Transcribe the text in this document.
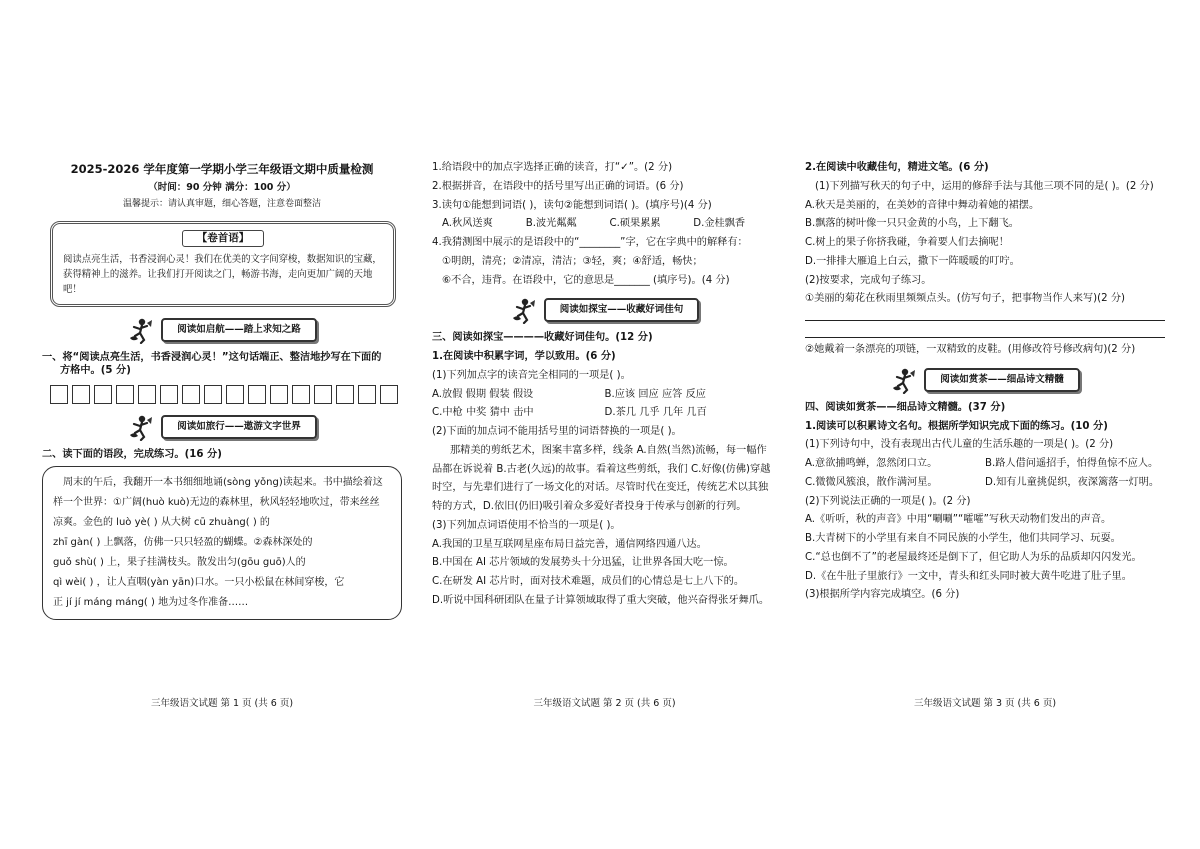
2025-2026 学年度第一学期小学三年级语文期中质量检测
（时间：90 分钟 满分：100 分）
温馨提示：请认真审题，细心答题，注意卷面整洁
【卷首语】

阅读点亮生活，书香浸润心灵！我们在优美的文字间穿梭，数据知识的宝藏，获得精神上的滋养。让我们打开阅读之门，畅游书海，走向更加广阔的天地吧！

阅读如启航——踏上求知之路

一、将“阅读点亮生活，书香浸润心灵！”这句话端正、整洁地抄写在下面的

方格中。(5 分)

阅读如旅行——遨游文字世界

二、读下面的语段，完成练习。(16 分)

周末的午后，我翻开一本书细细地诵(sòng yǒng)读起来。书中描绘着这

样一个世界：①广阔(huò kuò)无边的森林里，秋风轻轻地吹过，带来丝丝

凉爽。金色的 luò yè( ) 从大树 cū zhuàng( ) 的

zhī gàn( ) 上飘落，仿佛一只只轻盈的蝴蝶。②森林深处的

guǒ shù( ) 上，果子挂满枝头。散发出匀(gōu guō)人的

qì wèi( ) ，让人直咽(yàn yān)口水。一只小松鼠在林间穿梭，它

正 jí jí máng máng( ) 地为过冬作准备……

三年级语文试题 第 1 页 (共 6 页)

1.给语段中的加点字选择正确的读音，打“✓”。(2 分)

2.根据拼音，在语段中的括号里写出正确的词语。(6 分)

3.读句①能想到词语( )，读句②能想到词语( )。(填序号)(4 分)

A.秋风送爽	B.波光粼粼	C.硕果累累	D.金桂飘香

4.我猜测图中展示的是语段中的“________”字，它在字典中的解释有：

①明朗，清亮；②清凉，清洁；③轻，爽；④舒适，畅快；

⑥不合，违背。在语段中，它的意思是_______ (填序号)。(4 分)

阅读如探宝——收藏好词佳句

三、阅读如探宝————收藏好词佳句。(12 分)

1.在阅读中积累字词，学以致用。(6 分)

(1)下列加点字的读音完全相同的一项是( )。

A.放假 假期 假装 假设	B.应该 回应 应答 反应
C.中枪 中奖 猜中 击中	D.茶几 几乎 几年 几百

(2)下面的加点词不能用括号里的词语替换的一项是( )。

那精美的剪纸艺术，图案丰富多样，线条 A.自然(当然)流畅，每一幅作

品都在诉说着 B.古老(久远)的故事。看着这些剪纸，我们 C.好像(仿佛)穿越

时空，与先辈们进行了一场文化的对话。尽管时代在变迁，传统艺术以其独

特的方式，D.依旧(仍旧)吸引着众多爱好者投身于传承与创新的行列。

(3)下列加点词语使用不恰当的一项是( )。

A.我国的卫星互联网星座布局日益完善，通信网络四通八达。

B.中国在 AI 芯片领域的发展势头十分迅猛，让世界各国大吃一惊。

C.在研发 AI 芯片时，面对技术难题，成员们的心情总是七上八下的。

D.听说中国科研团队在量子计算领域取得了重大突破，他兴奋得张牙舞爪。

三年级语文试题 第 2 页 (共 6 页)

2.在阅读中收藏佳句，精进文笔。(6 分)

(1)下列描写秋天的句子中，运用的修辞手法与其他三项不同的是( )。(2 分)

A.秋天是美丽的，在美妙的音律中舞动着她的裙摆。

B.飘落的树叶像一只只金黄的小鸟，上下翻飞。

C.树上的果子你挤我碰，争着要人们去摘呢！

D.一排排大雁追上白云，撒下一阵暖暖的叮咛。

(2)按要求，完成句子练习。

①美丽的菊花在秋雨里频频点头。(仿写句子，把事物当作人来写)(2 分)

②她戴着一条漂亮的项链，一双精致的皮鞋。(用修改符号修改病句)(2 分)

阅读如赏茶——细品诗文精髓

四、阅读如赏茶——细品诗文精髓。(37 分)

1.阅读可以积累诗文名句。根据所学知识完成下面的练习。(10 分)

(1)下列诗句中，没有表现出古代儿童的生活乐趣的一项是( )。(2 分)

A.意欲捕鸣蝉，忽然闭口立。	B.路人借问遥招手，怕得鱼惊不应人。
C.微微风簇浪，散作满河星。	D.知有儿童挑促织，夜深篱落一灯明。

(2)下列说法正确的一项是( )。(2 分)

A.《听听，秋的声音》中用“唰唰”“嚯嚯”写秋天动物们发出的声音。

B.大青树下的小学里有来自不同民族的小学生，他们共同学习、玩耍。

C.“总也倒不了”的老屋最终还是倒下了，但它助人为乐的品质却闪闪发光。

D.《在牛肚子里旅行》一文中，青头和红头同时被大黄牛吃进了肚子里。

(3)根据所学内容完成填空。(6 分)

三年级语文试题 第 3 页 (共 6 页)
